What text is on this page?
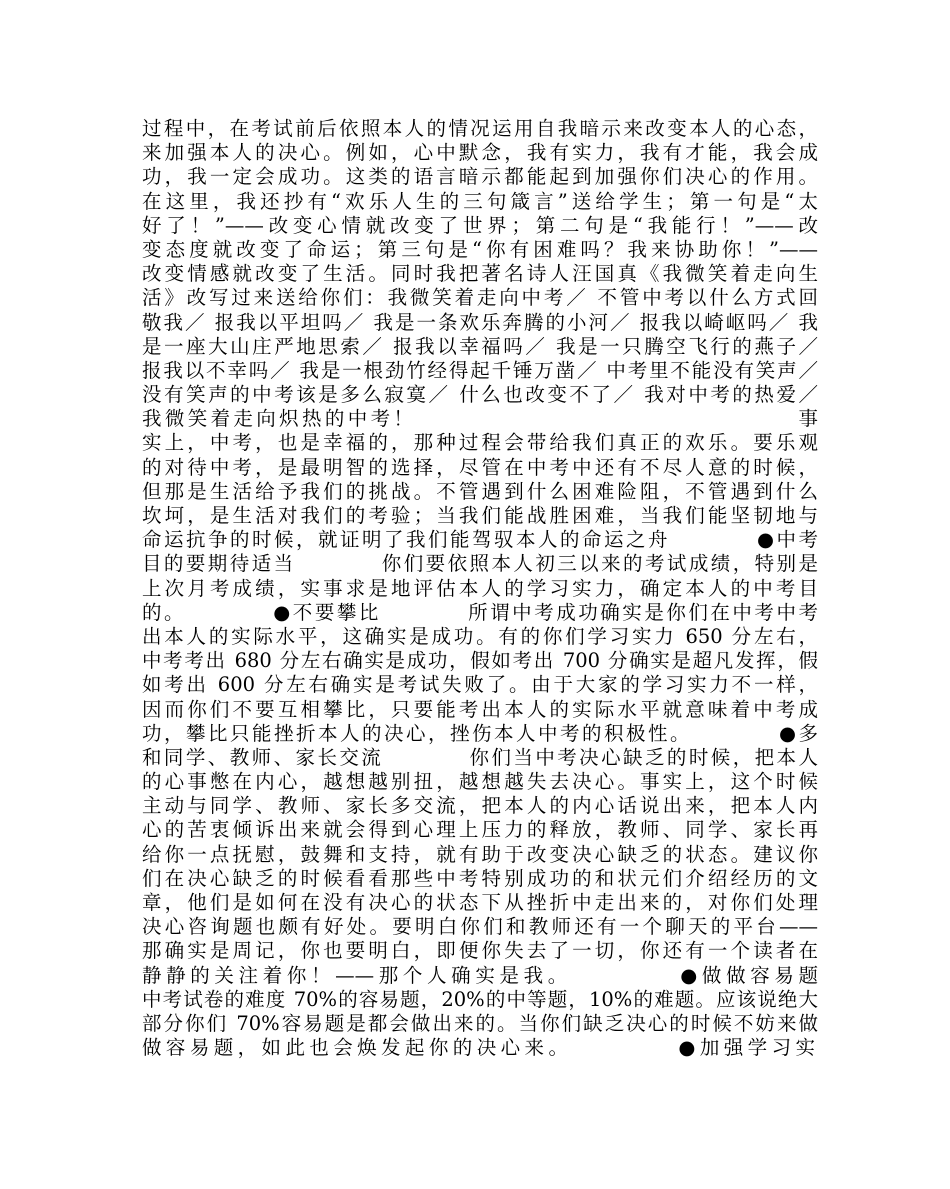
过程中，在考试前后依照本人的情况运用自我暗示来改变本人的心态，
来加强本人的决心。例如，心中默念，我有实力，我有才能，我会成
功，我一定会成功。这类的语言暗示都能起到加强你们决心的作用。
在这里，我还抄有“欢乐人生的三句箴言”送给学生；第一句是“太
好了！”——改变心情就改变了世界；第二句是“我能行！”——改
变态度就改变了命运；第三句是“你有困难吗？我来协助你！”——
改变情感就改变了生活。同时我把著名诗人汪国真《我微笑着走向生
活》改写过来送给你们：我微笑着走向中考／ 不管中考以什么方式回
敬我／ 报我以平坦吗／ 我是一条欢乐奔腾的小河／ 报我以崎岖吗／ 我
是一座大山庄严地思索／ 报我以幸福吗／ 我是一只腾空飞行的燕子／
报我以不幸吗／ 我是一根劲竹经得起千锤万凿／ 中考里不能没有笑声／
没有笑声的中考该是多么寂寞／ 什么也改变不了／ 我对中考的热爱／
我微笑着走向炽热的中考！                                        事
实上，中考，也是幸福的，那种过程会带给我们真正的欢乐。要乐观
的对待中考，是最明智的选择，尽管在中考中还有不尽人意的时候，
但那是生活给予我们的挑战。不管遇到什么困难险阻，不管遇到什么
坎坷，是生活对我们的考验；当我们能战胜困难，当我们能坚韧地与
命运抗争的时候，就证明了我们能驾驭本人的命运之舟          ●中考
目的要期待适当          你们要依照本人初三以来的考试成绩，特别是
上次月考成绩，实事求是地评估本人的学习实力，确定本人的中考目
的。          ●不要攀比          所谓中考成功确实是你们在中考中考
出本人的实际水平，这确实是成功。有的你们学习实力 650 分左右，
中考考出 680 分左右确实是成功，假如考出 700 分确实是超凡发挥，假
如考出 600 分左右确实是考试失败了。由于大家的学习实力不一样，
因而你们不要互相攀比，只要能考出本人的实际水平就意味着中考成
功，攀比只能挫折本人的决心，挫伤本人中考的积极性。          ●多
和同学、教师、家长交流          你们当中考决心缺乏的时候，把本人
的心事憋在内心，越想越别扭，越想越失去决心。事实上，这个时候
主动与同学、教师、家长多交流，把本人的内心话说出来，把本人内
心的苦衷倾诉出来就会得到心理上压力的释放，教师、同学、家长再
给你一点抚慰，鼓舞和支持，就有助于改变决心缺乏的状态。建议你
们在决心缺乏的时候看看那些中考特别成功的和状元们介绍经历的文
章，他们是如何在没有决心的状态下从挫折中走出来的，对你们处理
决心咨询题也颇有好处。要明白你们和教师还有一个聊天的平台——
那确实是周记，你也要明白，即便你失去了一切，你还有一个读者在
静静的关注着你！——那个人确实是我。          ●做做容易题
中考试卷的难度 70%的容易题，20%的中等题，10%的难题。应该说绝大
部分你们 70%容易题是都会做出来的。当你们缺乏决心的时候不妨来做
做容易题，如此也会焕发起你的决心来。          ●加强学习实
